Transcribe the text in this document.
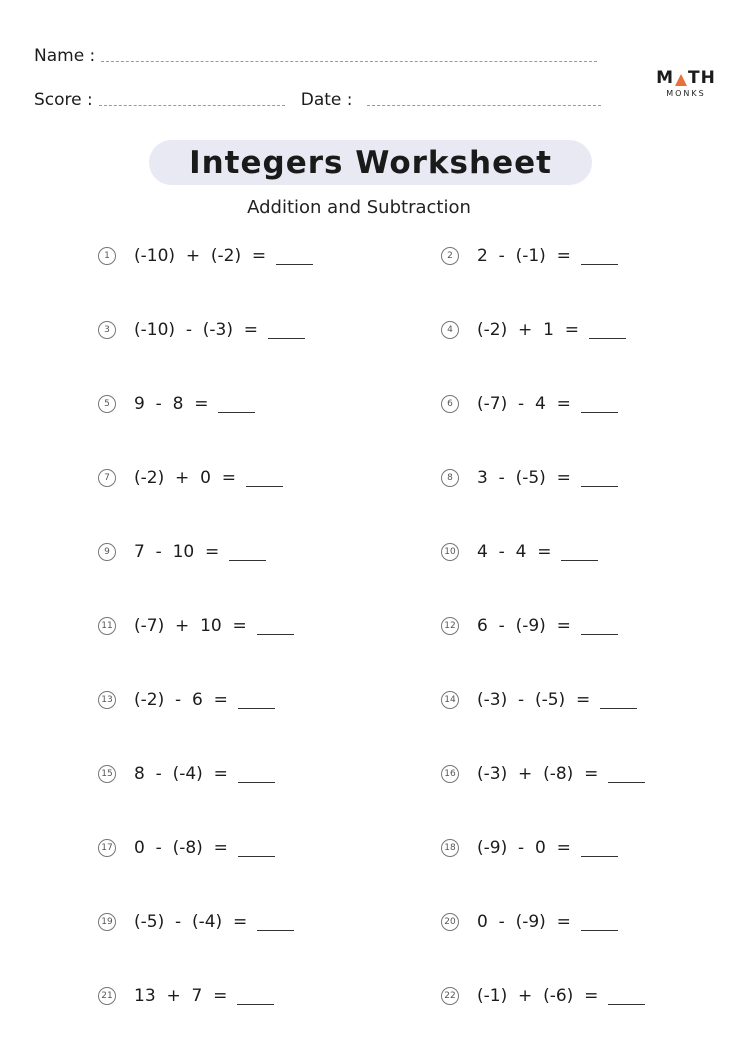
Name :
Score :	Date :
M TH
MONKS
Integers Worksheet
Addition and Subtraction
1	(-10)  +  (-2)  =	2	2  -  (-1)  =
3	(-10)  -  (-3)  =	4	(-2)  +  1  =
5	9  -  8  =	6	(-7)  -  4  =
7	(-2)  +  0  =	8	3  -  (-5)  =
9	7  -  10  =	10 4  -  4  =
11 (-7)  +  10  =	12 6  -  (-9)  =
13 (-2)  -  6  =	14 (-3)  -  (-5)  =
15 8  -  (-4)  =	16 (-3)  +  (-8)  =
17 0  -  (-8)  =	18 (-9)  -  0  =
19 (-5)  -  (-4)  =	20 0  -  (-9)  =
21 13  +  7  =	22 (-1)  +  (-6)  =
